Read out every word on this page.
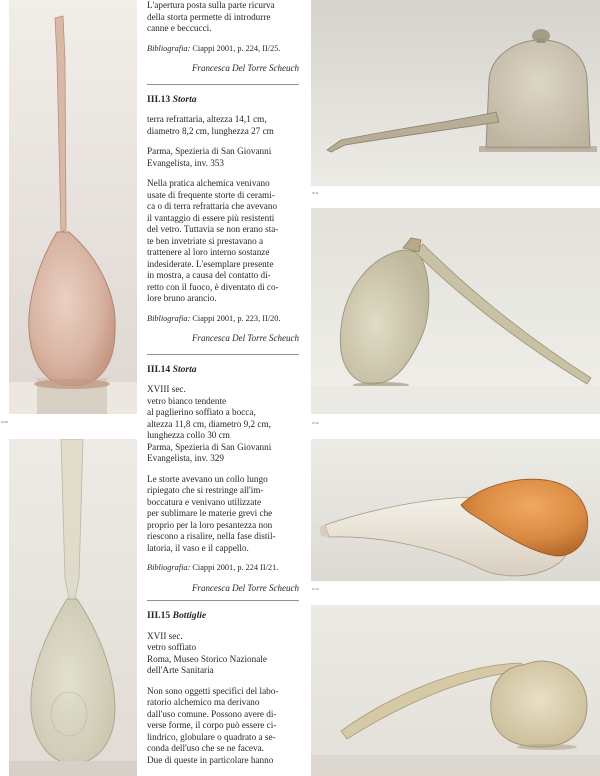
III.09
III.11
III.12
III.13
L'apertura posta sulla parte ricurva
della storta permette di introdurre
canne e beccucci.
Bibliografia: Ciappi 2001, p. 224, II/25.
Francesca Del Torre Scheuch
III.13 Storta
terra refrattaria, altezza 14,1 cm,
diametro 8,2 cm, lunghezza 27 cm
Parma, Spezieria di San Giovanni
Evangelista, inv. 353
Nella pratica alchemica venivano
usate di frequente storte di cerami-
ca o di terra refrattaria che avevano
il vantaggio di essere più resistenti
del vetro. Tuttavia se non erano sta-
te ben invetriate si prestavano a
trattenere al loro interno sostanze
indesiderate. L'esemplare presente
in mostra, a causa del contatto di-
retto con il fuoco, è diventato di co-
lore bruno arancio.
Bibliografia: Ciappi 2001, p. 223, II/20.
Francesca Del Torre Scheuch
III.14 Storta
XVIII sec.
vetro bianco tendente
al paglierino soffiato a bocca,
altezza 11,8 cm, diametro 9,2 cm,
lunghezza collo 30 cm
Parma, Spezieria di San Giovanni
Evangelista, inv. 329
Le storte avevano un collo lungo
ripiegato che si restringe all'im-
boccatura e venivano utilizzate
per sublimare le materie grevi che
proprio per la loro pesantezza non
riescono a risalire, nella fase distil-
latoria, il vaso e il cappello.
Bibliografia: Ciappi 2001, p. 224 II/21.
Francesca Del Torre Scheuch
III.15 Bottiglie
XVII sec.
vetro soffiato
Roma, Museo Storico Nazionale
dell'Arte Sanitaria
Non sono oggetti specifici del labo-
ratorio alchemico ma derivano
dall'uso comune. Possono avere di-
verse forme, il corpo può essere ci-
lindrico, globulare o quadrato a se-
conda dell'uso che se ne faceva.
Due di queste in particolare hanno
